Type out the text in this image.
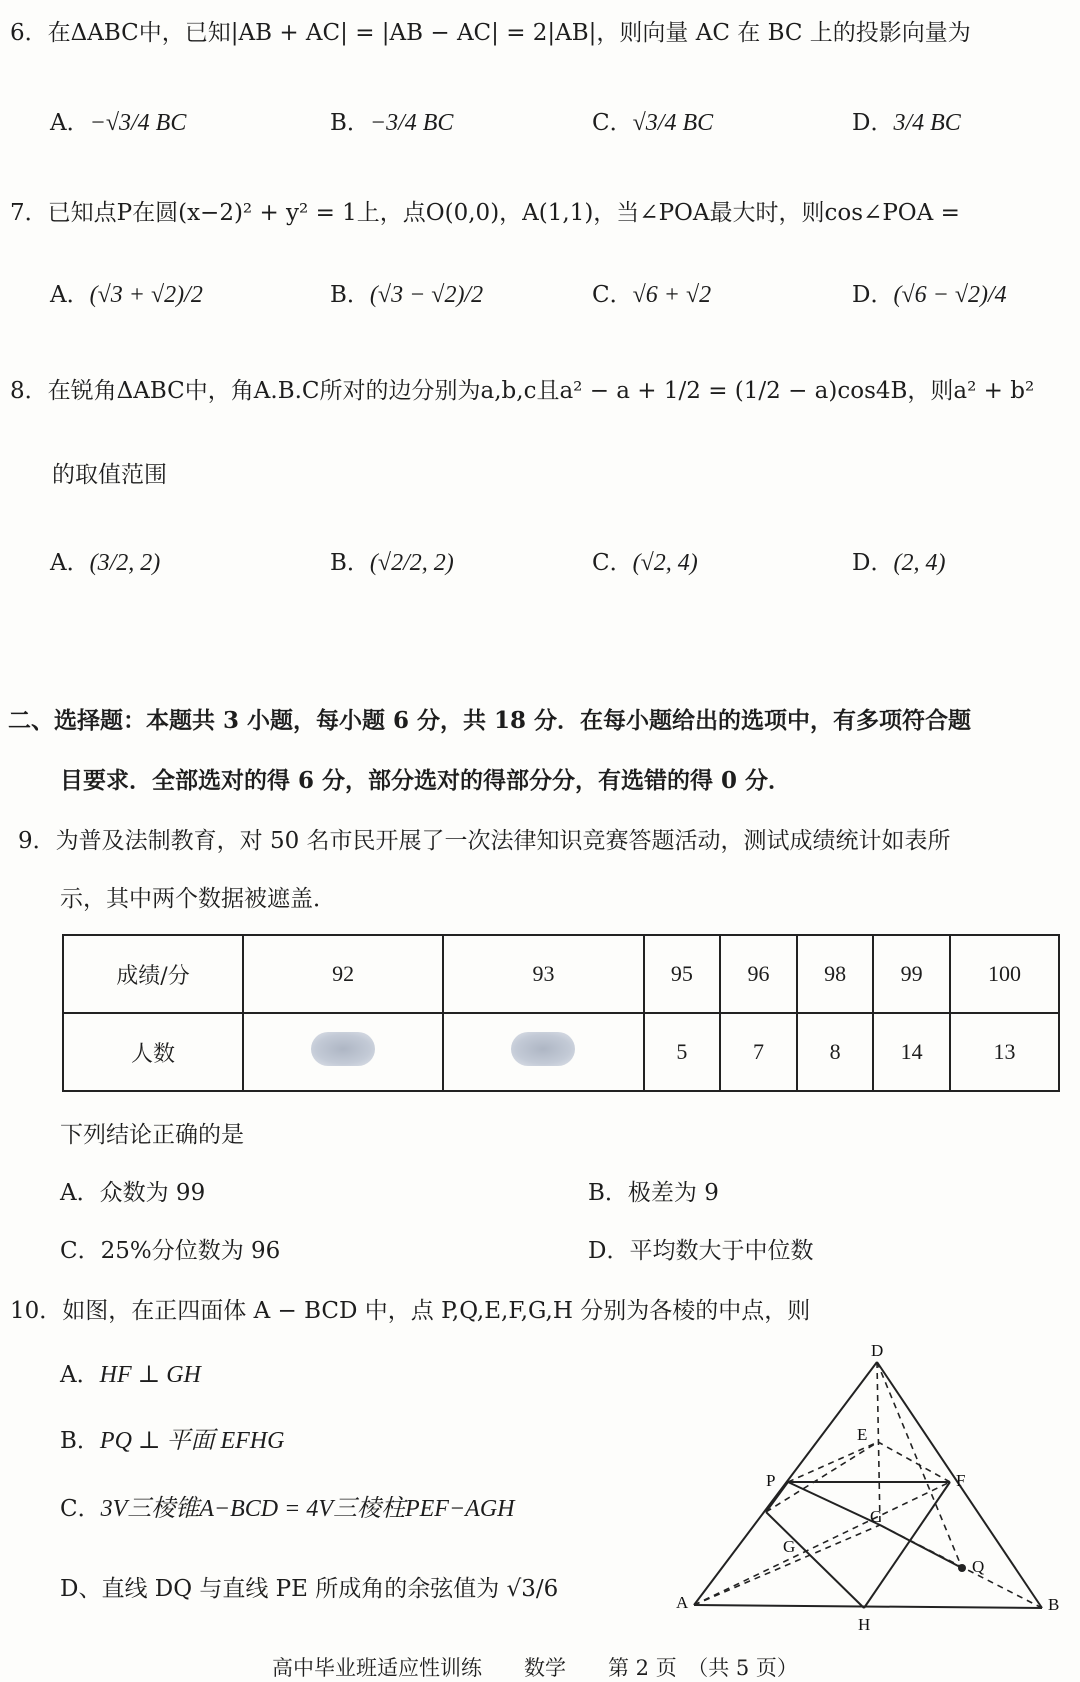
6．在ΔABC中，已知|AB + AC| = |AB − AC| = 2|AB|，则向量 AC 在 BC 上的投影向量为
A．−√3/4 BC	B．−3/4 BC	C．√3/4 BC	D．3/4 BC
7．已知点P在圆(x−2)² + y² = 1上，点O(0,0)，A(1,1)，当∠POA最大时，则cos∠POA =
A．(√3 + √2)/2	B．(√3 − √2)/2	C．√6 + √2	D．(√6 − √2)/4
8．在锐角ΔABC中，角A.B.C所对的边分别为a,b,c且a² − a + 1/2 = (1/2 − a)cos4B，则a² + b²
的取值范围
A．(3/2, 2)	B．(√2/2, 2)	C．(√2, 4)	D．(2, 4)
二、选择题：本题共 3 小题，每小题 6 分，共 18 分．在每小题给出的选项中，有多项符合题
目要求．全部选对的得 6 分，部分选对的得部分分，有选错的得 0 分．
9．为普及法制教育，对 50 名市民开展了一次法律知识竞赛答题活动，测试成绩统计如表所
示，其中两个数据被遮盖．
成绩/分	92	93	95	96	98	99	100
人数			5	7	8	14	13
下列结论正确的是
A．众数为 99	B．极差为 9
C．25%分位数为 96	D．平均数大于中位数
10．如图，在正四面体 A − BCD 中，点 P,Q,E,F,G,H 分别为各棱的中点，则
A．HF ⊥ GH
B．PQ ⊥ 平面 EFHG
C．3V三棱锥A−BCD = 4V三棱柱PEF−AGH
D、直线 DQ 与直线 PE 所成角的余弦值为 √3/6
D
E
P	F
C
G
Q
A
H
B
高中毕业班适应性训练　　数学　　第 2 页　（共 5 页）
